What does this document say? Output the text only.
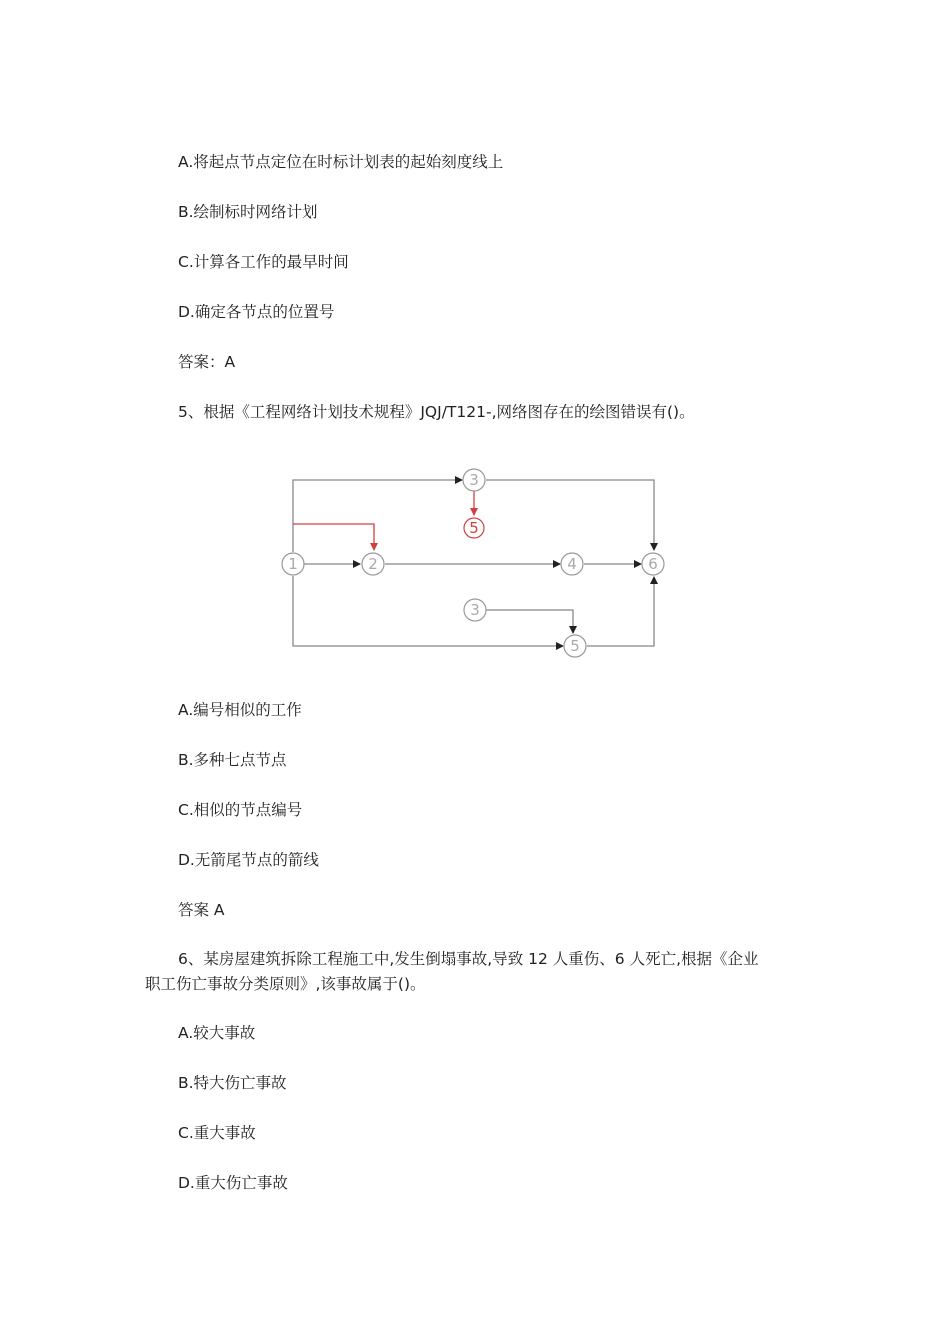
A.将起点节点定位在时标计划表的起始刻度线上
B.绘制标时网络计划
C.计算各工作的最早时间
D.确定各节点的位置号
答案：A
5、根据《工程网络计划技术规程》JQJ/T121-,网络图存在的绘图错误有()。
1	2
3
4	6
3
5
5
A.编号相似的工作
B.多种七点节点
C.相似的节点编号
D.无箭尾节点的箭线
答案 A
6、某房屋建筑拆除工程施工中,发生倒塌事故,导致 12 人重伤、6 人死亡,根据《企业
职工伤亡事故分类原则》,该事故属于()。
A.较大事故
B.特大伤亡事故
C.重大事故
D.重大伤亡事故
